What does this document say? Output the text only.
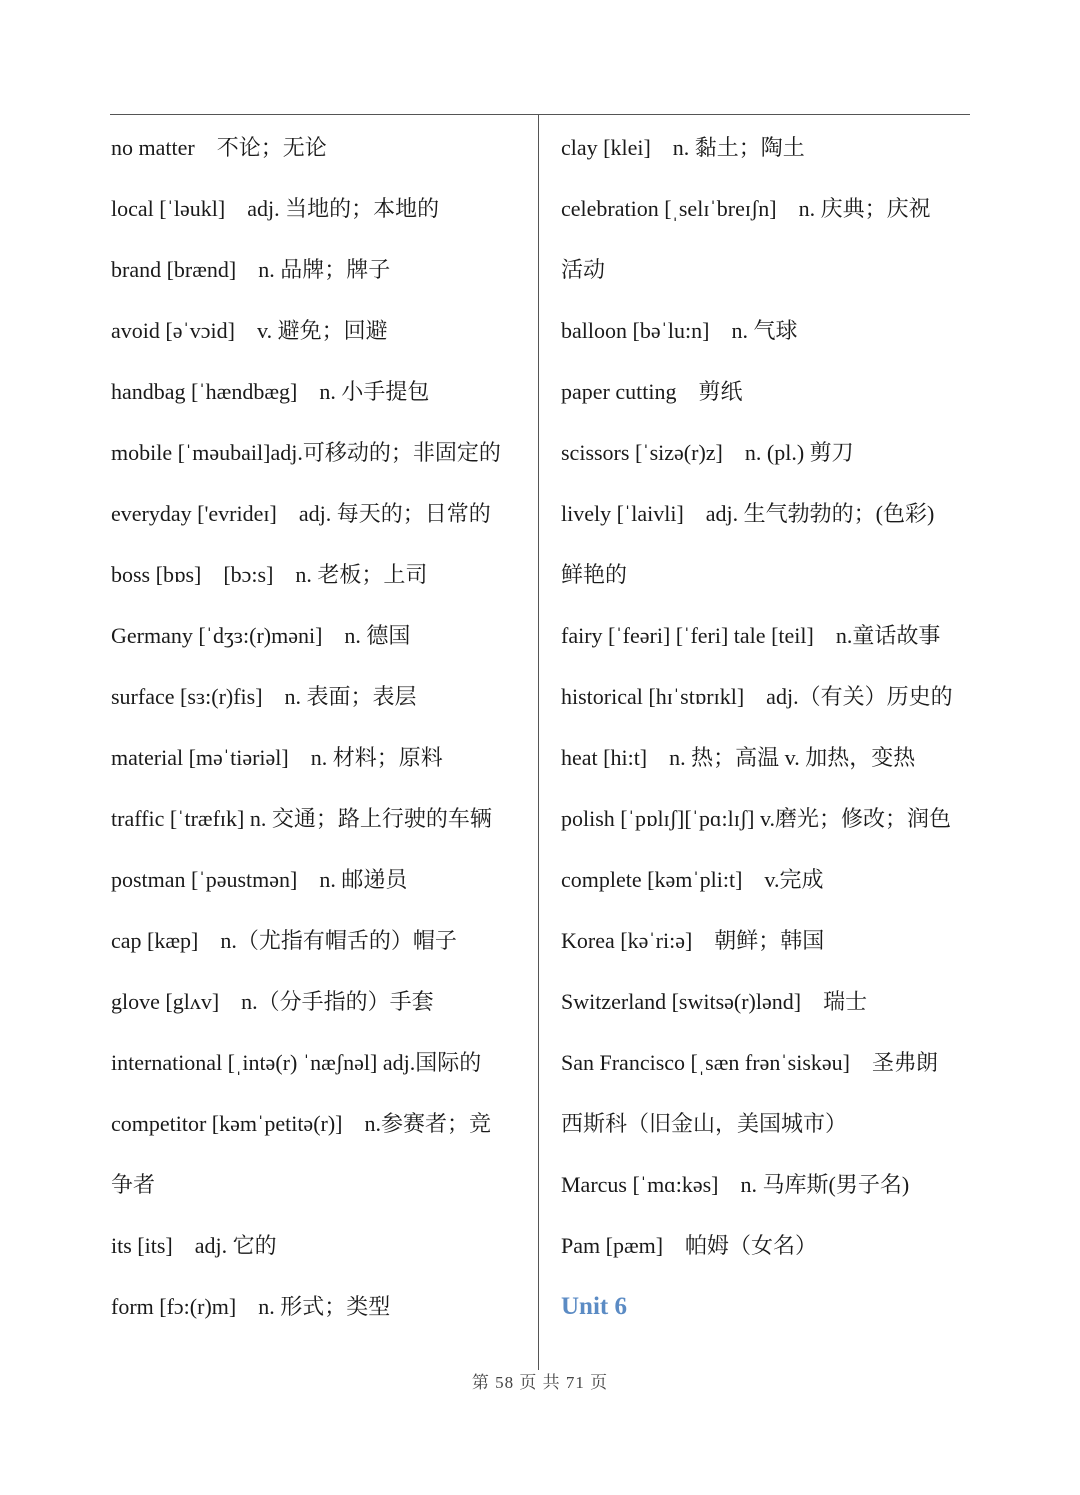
no matter　不论；无论
local [ˈləukl]　adj. 当地的；本地的
brand [brænd]　n. 品牌；牌子
avoid [əˈvɔid]　v. 避免；回避
handbag [ˈhændbæg]　n. 小手提包
mobile [ˈməubail]adj.可移动的；非固定的
everyday ['evrideɪ]　adj. 每天的；日常的
boss [bɒs]　[bɔ:s]　n. 老板；上司
Germany [ˈdʒɜ:(r)məni]　n. 德国
surface [sɜ:(r)fis]　n. 表面；表层
material [məˈtiəriəl]　n. 材料；原料
traffic [ˈtræfɪk] n. 交通；路上行驶的车辆
postman [ˈpəustmən]　n. 邮递员
cap [kæp]　n.（尤指有帽舌的）帽子
glove [glʌv]　n.（分手指的）手套
international [ˌintə(r) ˈnæʃnəl] adj.国际的
competitor [kəmˈpetitə(r)]　n.参赛者；竞
争者
its [its]　adj. 它的
form [fɔ:(r)m]　n. 形式；类型
clay [klei]　n. 黏土；陶土
celebration [ˌselɪˈbreɪʃn]　n. 庆典；庆祝
活动
balloon [bəˈlu:n]　n. 气球
paper cutting　剪纸
scissors [ˈsizə(r)z]　n. (pl.) 剪刀
lively [ˈlaivli]　adj. 生气勃勃的；(色彩)
鲜艳的
fairy [ˈfeəri] [ˈferi] tale [teil]　n.童话故事
historical [hɪˈstɒrɪkl]　adj.（有关）历史的
heat [hi:t]　n. 热；高温 v. 加热，变热
polish [ˈpɒlɪʃ][ˈpɑ:lɪʃ] v.磨光；修改；润色
complete [kəmˈpli:t]　v.完成
Korea [kəˈri:ə]　朝鲜；韩国
Switzerland [switsə(r)lənd]　瑞士
San Francisco [ˌsæn frənˈsiskəu]　圣弗朗
西斯科（旧金山，美国城市）
Marcus [ˈmɑ:kəs]　n. 马库斯(男子名)
Pam [pæm]　帕姆（女名）
Unit 6
第 58 页 共 71 页
